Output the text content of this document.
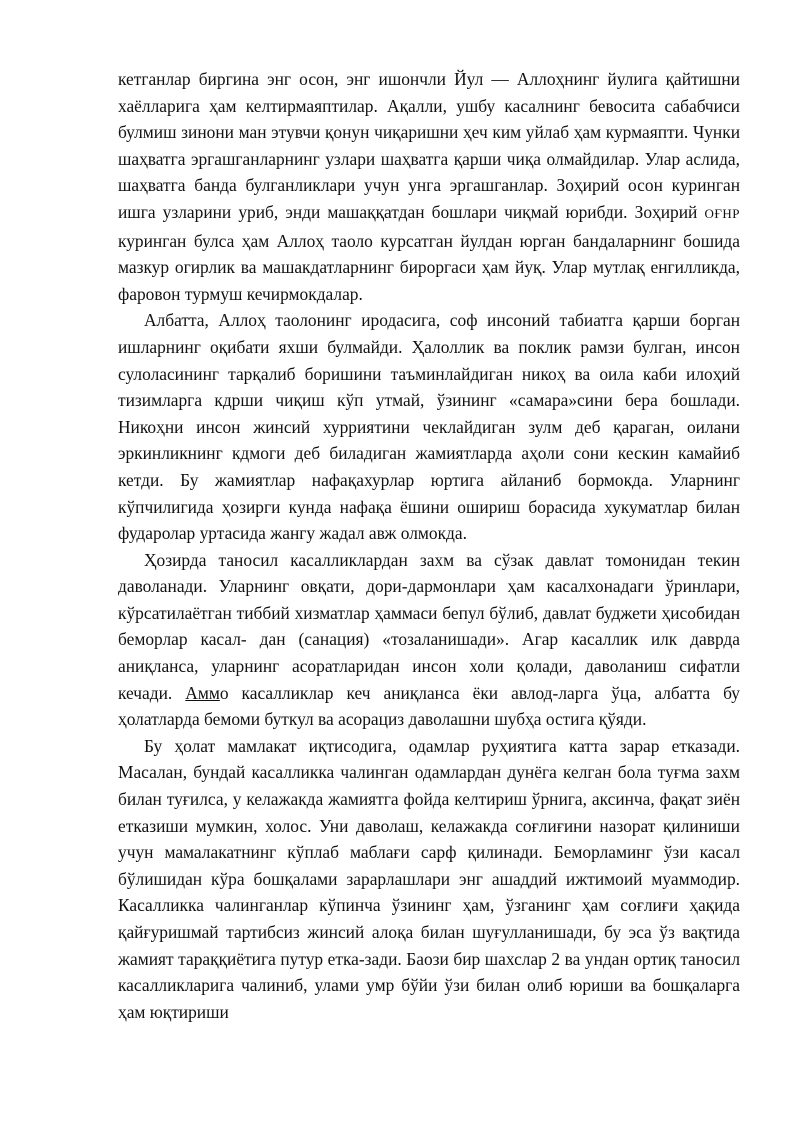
кетганлар биргина энг осон, энг ишончли Йул — Аллоҳнинг йулига қайтишни хаёлларига ҳам келтирмаяптилар. Ақалли, ушбу касалнинг бевосита сабабчиси булмиш зинони ман этувчи қонун чиқаришни ҳеч ким уйлаб ҳам курмаяпти. Чунки шаҳватга эргашганларнинг узлари шаҳватга қарши чиқа олмайдилар. Улар аслида, шаҳватга банда булганликлари учун унга эргашганлар. Зоҳирий осон куринган ишга узларини уриб, энди машаққатдан бошлари чиқмай юрибди. Зоҳирий ОҒНР куринган булса ҳам Аллоҳ таоло курсатган йулдан юрган бандаларнинг бошида мазкур огирлик ва машакдатларнинг бироргаси ҳам йуқ. Улар мутлақ енгилликда, фаровон турмуш кечирмокдалар.

Албатта, Аллоҳ таолонинг иродасига, соф инсоний табиатга қарши борган ишларнинг оқибати яхши булмайди. Ҳалоллик ва поклик рамзи булган, инсон сулоласининг тарқалиб боришини таъминлайдиган никоҳ ва оила каби илоҳий тизимларга кдрши чиқиш кўп утмай, ўзининг «самара»сини бера бошлади. Никоҳни инсон жинсий хурриятини чеклайдиган зулм деб қараган, оилани эркинликнинг кдмоги деб биладиган жамиятларда аҳоли сони кескин камайиб кетди. Бу жамиятлар нафақахурлар юртига айланиб бормокда. Уларнинг кўпчилигида ҳозирги кунда нафақа ёшини ошириш борасида хукуматлар билан фударолар уртасида жангу жадал авж олмокда.

Ҳозирда таносил касалликлардан захм ва сўзак давлат томонидан текин даволанади. Уларнинг овқати, дори-дармонлари ҳам касалхонадаги ўринлари, кўрсатилаётган тиббий хизматлар ҳаммаси бепул бўлиб, давлат буджети ҳисобидан беморлар касал- дан (санация) «тозаланишади». Агар касаллик илк даврда аниқланса, уларнинг асоратларидан инсон холи қолади, даволаниш сифатли кечади. Аммо касалликлар кеч аниқланса ёки авлод-ларга ўца, албатта бу ҳолатларда бемоми буткул ва асорациз даволашни шубҳа остига қўяди.

Бу ҳолат мамлакат иқтисодига, одамлар руҳиятига катта зарар етказади. Масалан, бундай касалликка чалинган одамлардан дунёга келган бола туғма захм билан туғилса, у келажакда жамиятга фойда келтириш ўрнига, аксинча, фақат зиён етказиши мумкин, холос. Уни даволаш, келажакда соғлиғини назорат қилиниши учун мамалакатнинг кўплаб маблағи сарф қилинади. Беморламинг ўзи касал бўлишидан кўра бошқалами зарарлашлари энг ашаддий ижтимоий муаммодир. Касалликка чалинганлар кўпинча ўзининг ҳам, ўзганинг ҳам соғлиғи ҳақида қайғуришмай тартибсиз жинсий алоқа билан шуғулланишади, бу эса ўз вақтида жамият тараққиётига путур етка-зади. Баози бир шахслар 2 ва ундан ортиқ таносил касалликларига чалиниб, улами умр бўйи ўзи билан олиб юриши ва бошқаларга ҳам юқтириши
